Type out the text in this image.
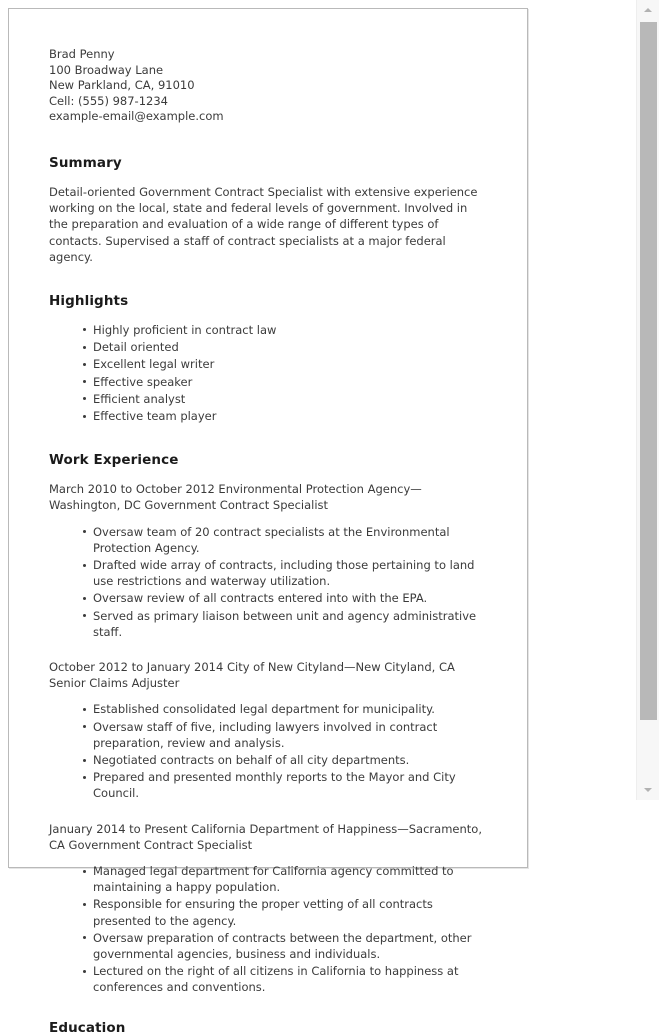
Brad Penny
100 Broadway Lane
New Parkland, CA, 91010
Cell: (555) 987-1234
example-email@example.com
Summary

Detail-oriented Government Contract Specialist with extensive experience working on the local, state and federal levels of government. Involved in the preparation and evaluation of a wide range of different types of contacts. Supervised a staff of contract specialists at a major federal agency.

Highlights
Highly proficient in contract law
Detail oriented
Excellent legal writer
Effective speaker
Efficient analyst
Effective team player
Work Experience
March 2010 to October 2012 Environmental Protection Agency—Washington, DC Government Contract Specialist
Oversaw team of 20 contract specialists at the Environmental Protection Agency.
Drafted wide array of contracts, including those pertaining to land use restrictions and waterway utilization.
Oversaw review of all contracts entered into with the EPA.
Served as primary liaison between unit and agency administrative staff.
October 2012 to January 2014 City of New Cityland—New Cityland, CA Senior Claims Adjuster
Established consolidated legal department for municipality.
Oversaw staff of five, including lawyers involved in contract preparation, review and analysis.
Negotiated contracts on behalf of all city departments.
Prepared and presented monthly reports to the Mayor and City Council.
January 2014 to Present California Department of Happiness—Sacramento, CA Government Contract Specialist
Managed legal department for California agency committed to maintaining a happy population.
Responsible for ensuring the proper vetting of all contracts presented to the agency.
Oversaw preparation of contracts between the department, other governmental agencies, business and individuals.
Lectured on the right of all citizens in California to happiness at conferences and conventions.
Education
